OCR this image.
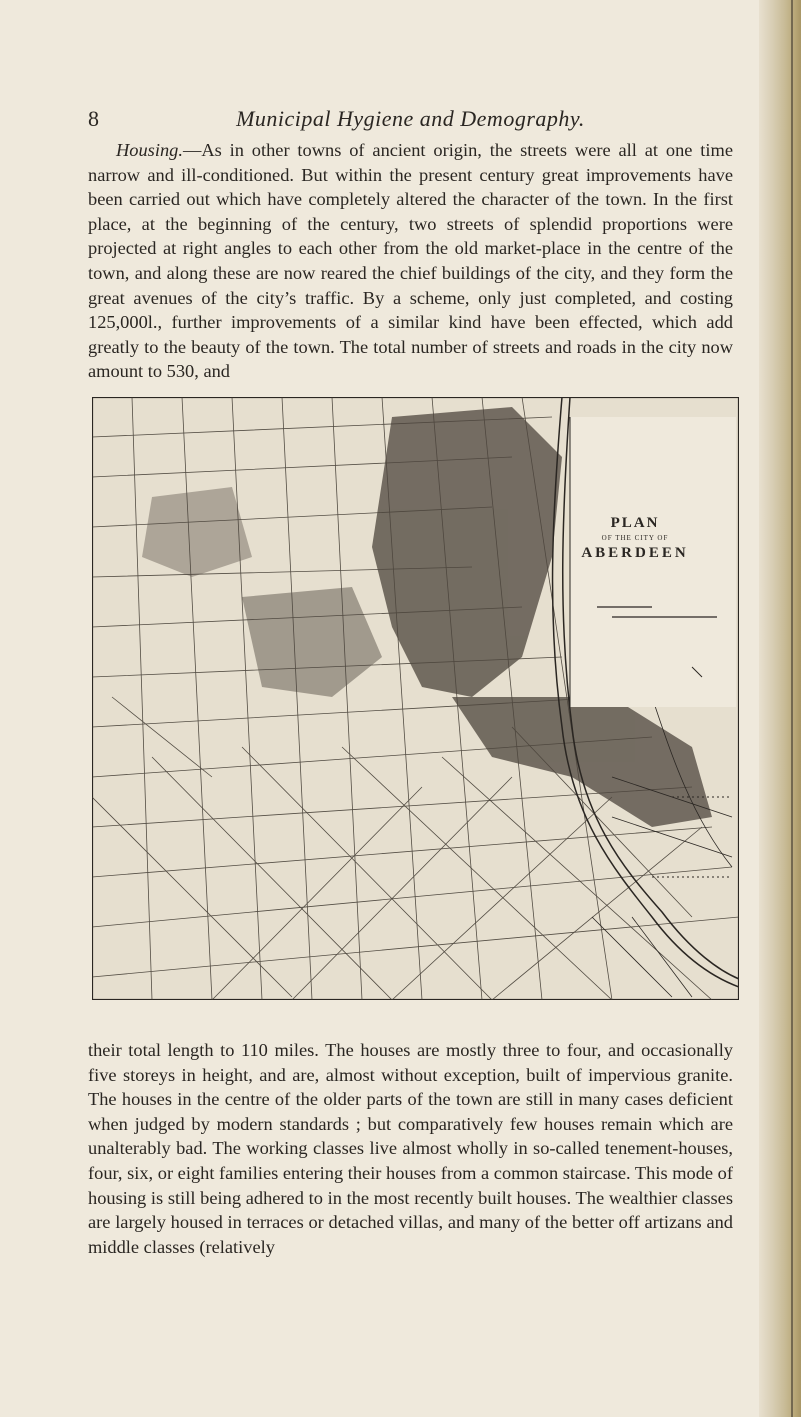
8	Municipal Hygiene and Demography.

Housing.—As in other towns of ancient origin, the streets were all at one time narrow and ill-conditioned. But within the present century great improvements have been carried out which have completely altered the character of the town. In the first place, at the beginning of the century, two streets of splendid proportions were projected at right angles to each other from the old market-place in the centre of the town, and along these are now reared the chief buildings of the city, and they form the great avenues of the city’s traffic. By a scheme, only just completed, and costing 125,000l., further improvements of a similar kind have been effected, which add greatly to the beauty of the town. The total number of streets and roads in the city now amount to 530, and

PLAN
OF THE CITY OF
ABERDEEN

their total length to 110 miles. The houses are mostly three to four, and occasionally five storeys in height, and are, almost without exception, built of impervious granite. The houses in the centre of the older parts of the town are still in many cases deficient when judged by modern standards ; but comparatively few houses remain which are unalterably bad. The working classes live almost wholly in so-called tenement-houses, four, six, or eight families entering their houses from a common staircase. This mode of housing is still being adhered to in the most recently built houses. The wealthier classes are largely housed in terraces or detached villas, and many of the better off artizans and middle classes (relatively
